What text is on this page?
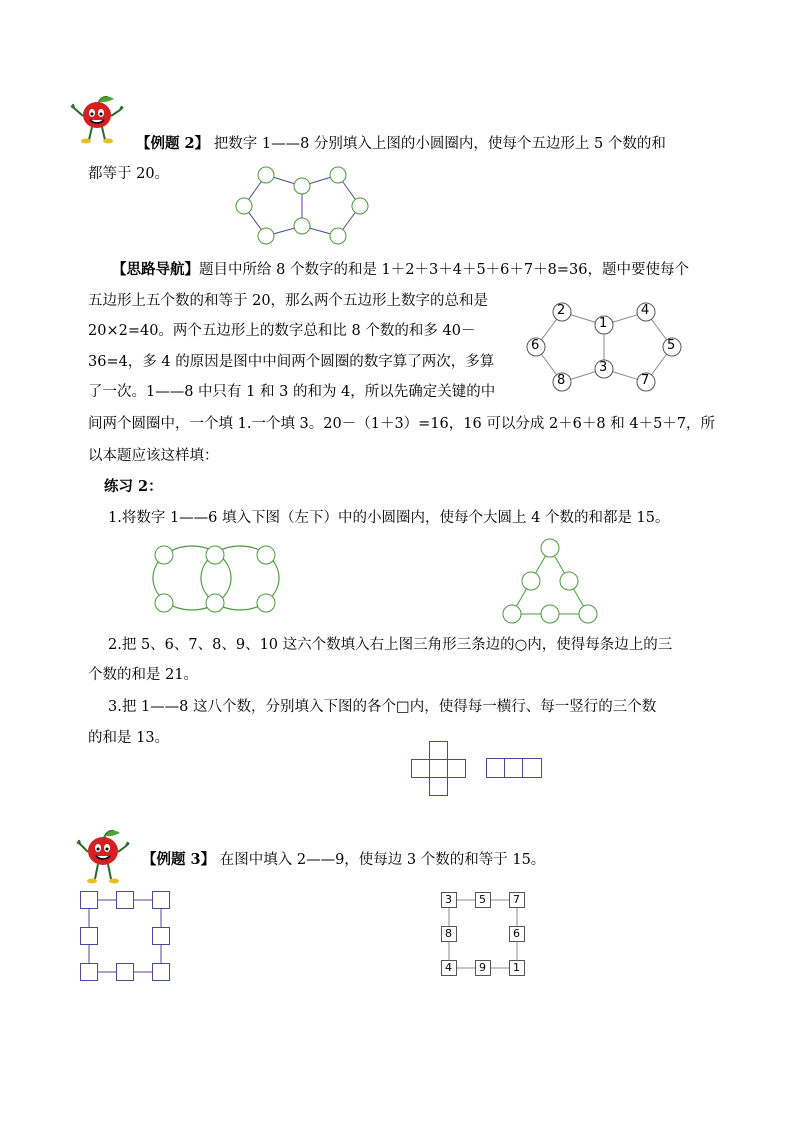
【例题 2】 把数字 1——8 分别填入上图的小圆圈内，使每个五边形上 5 个数的和
都等于 20。
【思路导航】题目中所给 8 个数字的和是 1＋2＋3＋4＋5＋6＋7＋8=36，题中要使每个
五边形上五个数的和等于 20，那么两个五边形上数字的总和是
20×2=40。两个五边形上的数字总和比 8 个数的和多 40－
36=4，多 4 的原因是图中中间两个圆圈的数字算了两次，多算
了一次。1——8 中只有 1 和 3 的和为 4，所以先确定关键的中
间两个圆圈中，一个填 1.一个填 3。20－（1＋3）=16，16 可以分成 2＋6＋8 和 4＋5＋7，所
以本题应该这样填：
2
1
4
6	5
8
3
7
练习 2：
1.将数字 1——6 填入下图（左下）中的小圆圈内，使每个大圆上 4 个数的和都是 15。
2.把 5、6、7、8、9、10 这六个数填入右上图三角形三条边的○内，使得每条边上的三
个数的和是 21。
3.把 1——8 这八个数，分别填入下图的各个□内，使得每一横行、每一竖行的三个数
的和是 13。
【例题 3】 在图中填入 2——9，使每边 3 个数的和等于 15。
3 5 7
8	6
4 9 1
